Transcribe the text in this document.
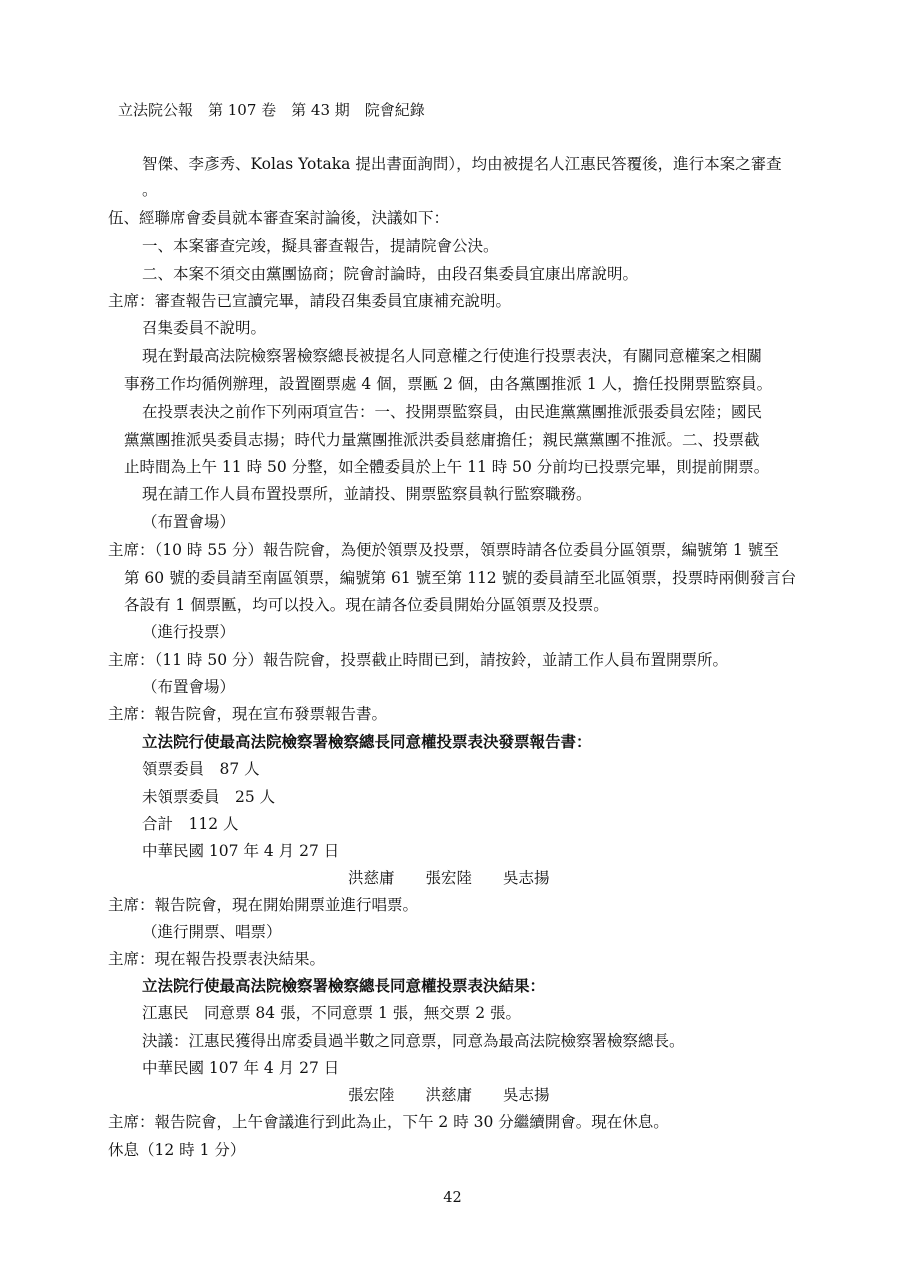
立法院公報　第 107 卷　第 43 期　院會紀錄
智傑、李彥秀、Kolas Yotaka 提出書面詢問），均由被提名人江惠民答覆後，進行本案之審查
。
伍、經聯席會委員就本審查案討論後，決議如下：
一、本案審查完竣，擬具審查報告，提請院會公決。
二、本案不須交由黨團協商；院會討論時，由段召集委員宜康出席說明。
主席：審查報告已宣讀完畢，請段召集委員宜康補充說明。
召集委員不說明。
現在對最高法院檢察署檢察總長被提名人同意權之行使進行投票表決，有關同意權案之相關
事務工作均循例辦理，設置圈票處 4 個，票匭 2 個，由各黨團推派 1 人，擔任投開票監察員。
在投票表決之前作下列兩項宣告：一、投開票監察員，由民進黨黨團推派張委員宏陸；國民
黨黨團推派吳委員志揚；時代力量黨團推派洪委員慈庸擔任；親民黨黨團不推派。二、投票截
止時間為上午 11 時 50 分整，如全體委員於上午 11 時 50 分前均已投票完畢，則提前開票。
現在請工作人員布置投票所，並請投、開票監察員執行監察職務。
（布置會場）
主席：（10 時 55 分）報告院會，為便於領票及投票，領票時請各位委員分區領票，編號第 1 號至
第 60 號的委員請至南區領票，編號第 61 號至第 112 號的委員請至北區領票，投票時兩側發言台
各設有 1 個票匭，均可以投入。現在請各位委員開始分區領票及投票。
（進行投票）
主席：（11 時 50 分）報告院會，投票截止時間已到，請按鈴，並請工作人員布置開票所。
（布置會場）
主席：報告院會，現在宣布發票報告書。
立法院行使最高法院檢察署檢察總長同意權投票表決發票報告書：
領票委員　87 人
未領票委員　25 人
合計　112 人
中華民國 107 年 4 月 27 日
洪慈庸　　張宏陸　　吳志揚
主席：報告院會，現在開始開票並進行唱票。
（進行開票、唱票）
主席：現在報告投票表決結果。
立法院行使最高法院檢察署檢察總長同意權投票表決結果：
江惠民　同意票 84 張，不同意票 1 張，無交票 2 張。
決議：江惠民獲得出席委員過半數之同意票，同意為最高法院檢察署檢察總長。
中華民國 107 年 4 月 27 日
張宏陸　　洪慈庸　　吳志揚
主席：報告院會，上午會議進行到此為止，下午 2 時 30 分繼續開會。現在休息。
休息（12 時 1 分）
42
